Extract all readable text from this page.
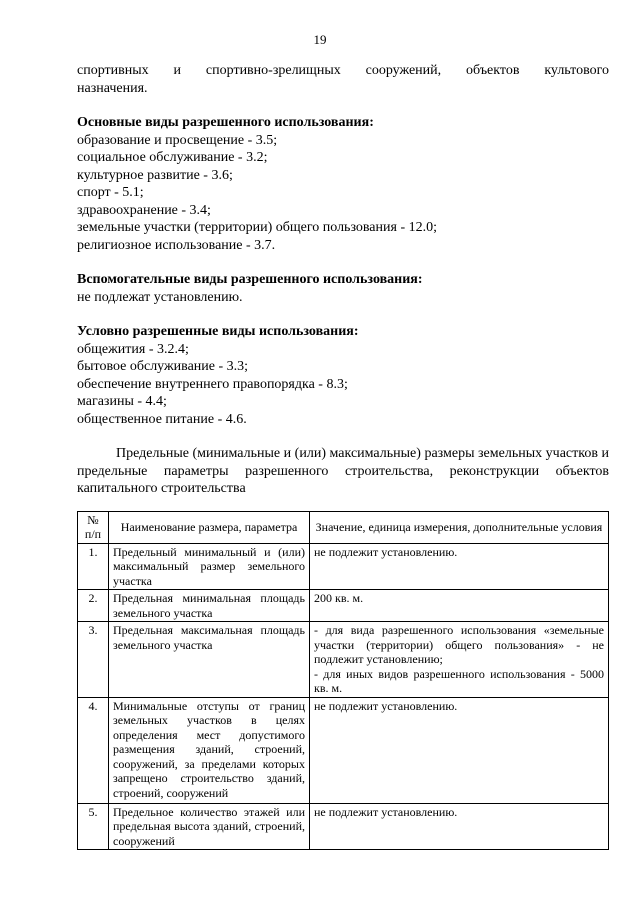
19
спортивных и спортивно-зрелищных сооружений, объектов культового
назначения.
Основные виды разрешенного использования:
образование и просвещение - 3.5;
социальное обслуживание - 3.2;
культурное развитие - 3.6;
спорт - 5.1;
здравоохранение - 3.4;
земельные участки (территории) общего пользования - 12.0;
религиозное использование - 3.7.
Вспомогательные виды разрешенного использования:
не подлежат установлению.
Условно разрешенные виды использования:
общежития - 3.2.4;
бытовое обслуживание - 3.3;
обеспечение внутреннего правопорядка - 8.3;
магазины - 4.4;
общественное питание - 4.6.
Предельные (минимальные и (или) максимальные) размеры земельных участков и предельные параметры разрешенного строительства, реконструкции объектов капитального строительства
№ п/п	Наименование размера, параметра	Значение, единица измерения, дополнительные условия
1.	Предельный минимальный и (или) максимальный размер земельного участка	не подлежит установлению.
2.	Предельная минимальная площадь земельного участка	200 кв. м.
3.	Предельная максимальная площадь земельного участка	- для вида разрешенного использования «земельные участки (территории) общего пользования» - не подлежит установлению;
- для иных видов разрешенного использования - 5000 кв. м.

4.	Минимальные отступы от границ земельных участков в целях определения мест допустимого размещения зданий, строений, сооружений, за пределами которых запрещено строительство зданий, строений, сооружений	не подлежит установлению.
5.	Предельное количество этажей или предельная высота зданий, строений, сооружений	не подлежит установлению.
